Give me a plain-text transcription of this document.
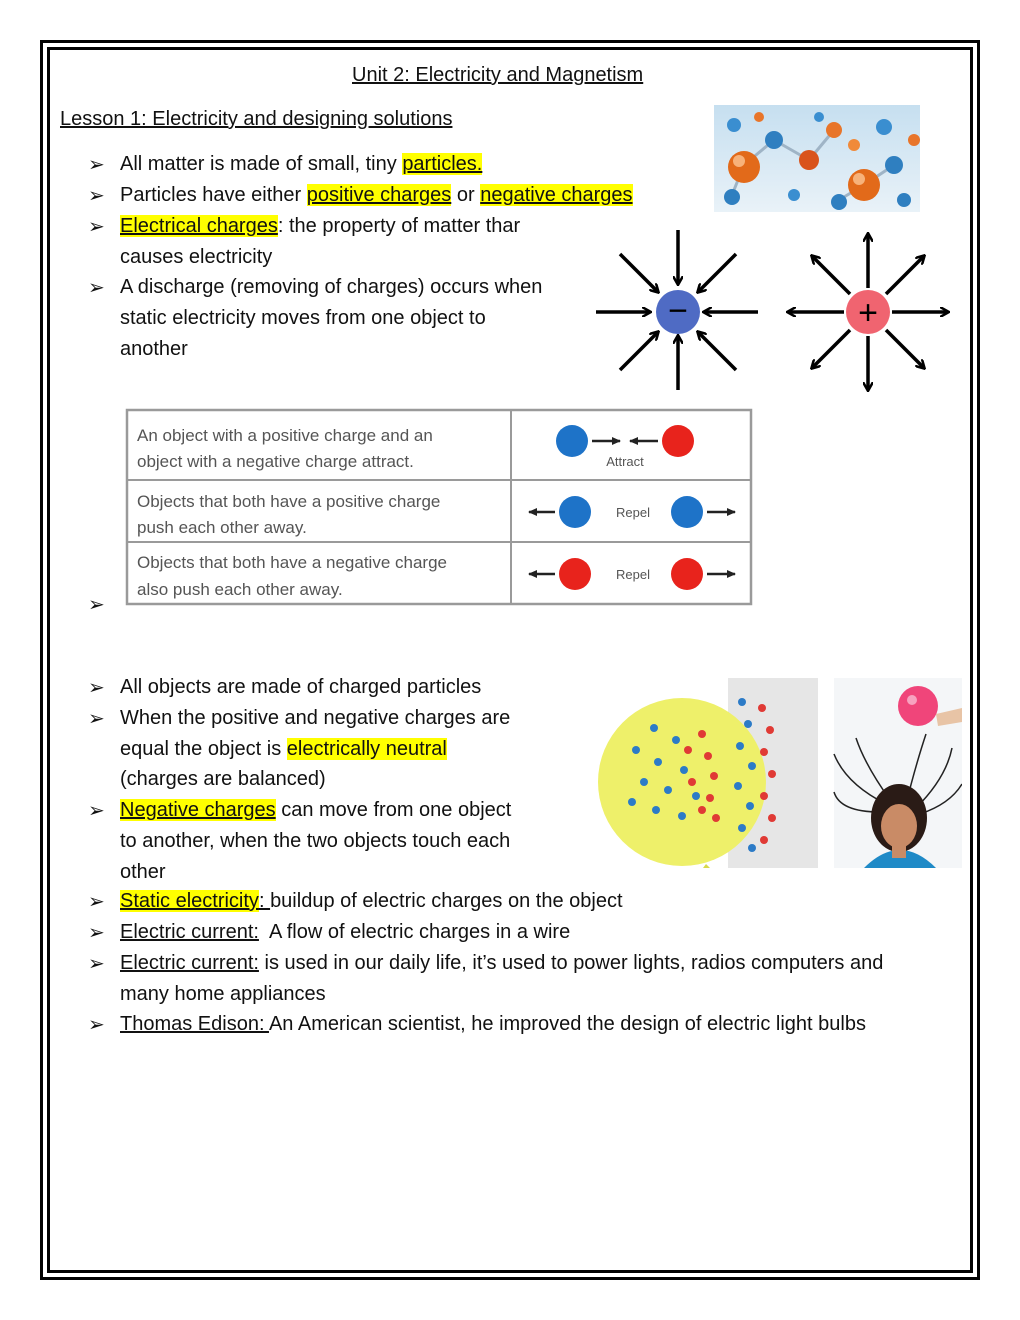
Unit 2: Electricity and Magnetism
Lesson 1: Electricity and designing solutions
➢ All matter is made of small, tiny particles.
➢ Particles have either positive charges or negative charges
➢ Electrical charges: the property of matter thar
causes electricity
➢ A discharge (removing of charges) occurs when
static electricity moves from one object to
another
−	+
An object with a positive charge and an
object with a negative charge attract.
Objects that both have a positive charge
push each other away.
Objects that both have a negative charge
also push each other away.
Attract
Repel
Repel
➢
➢ All objects are made of charged particles
➢ When the positive and negative charges are
equal the object is electrically neutral
(charges are balanced)
➢ Negative charges can move from one object
to another, when the two objects touch each
other
➢ Static electricity: buildup of electric charges on the object
➢ Electric current:  A flow of electric charges in a wire
➢ Electric current: is used in our daily life, it’s used to power lights, radios computers and
many home appliances
➢ Thomas Edison: An American scientist, he improved the design of electric light bulbs
